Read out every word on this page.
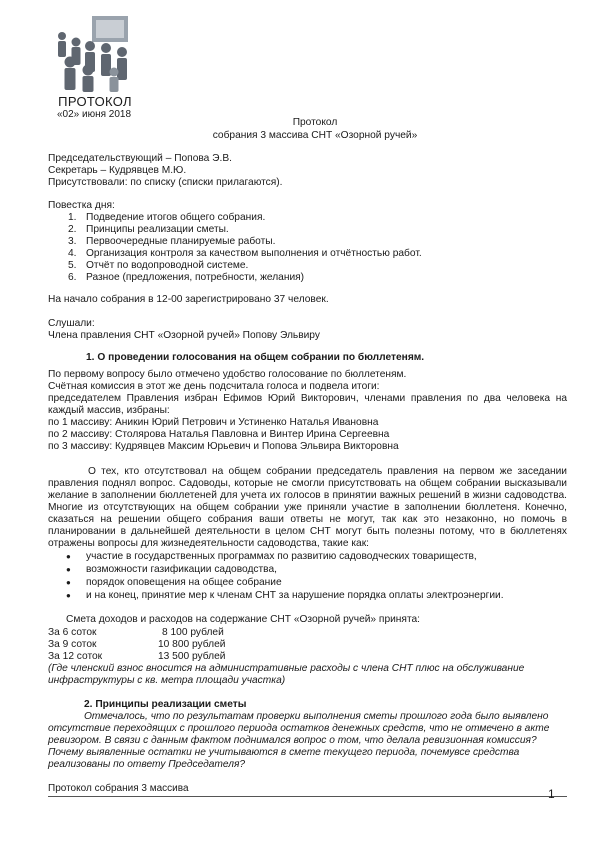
ПРОТОКОЛ
«02» июня 2018
Протокол
собрания 3 массива СНТ «Озорной ручей»
Председательствующий – Попова Э.В.
Секретарь – Кудрявцев М.Ю.
Присутствовали: по списку (списки прилагаются).
Повестка дня:
1. Подведение итогов общего собрания.
2. Принципы реализации сметы.
3. Первоочередные планируемые работы.
4. Организация контроля за качеством выполнения и отчётностью работ.
5. Отчёт по водопроводной системе.
6. Разное (предложения, потребности, желания)
На начало собрания в 12-00 зарегистрировано 37 человек.
Слушали:
Члена правления СНТ «Озорной ручей» Попову Эльвиру
1. О проведении голосования на общем собрании по бюллетеням.
По первому вопросу было отмечено удобство голосование по бюллетеням.
Счётная комиссия в этот же день подсчитала голоса и подвела итоги:
председателем Правления избран Ефимов Юрий Викторович, членами правления по два человека на
каждый массив, избраны:
по 1 массиву: Аникин Юрий Петрович и Устиненко Наталья Ивановна
по 2 массиву: Столярова Наталья Павловна и Винтер Ирина Сергеевна
по 3 массиву: Кудрявцев Максим Юрьевич и Попова Эльвира Викторовна
О тех, кто отсутствовал на общем собрании председатель правления на первом же заседании
правления поднял вопрос. Садоводы, которые не смогли присутствовать на общем собрании высказывали
желание в заполнении бюллетеней для учета их голосов в принятии важных решений в жизни садоводства.
Многие из отсутствующих на общем собрании уже приняли участие в заполнении бюллетеня. Конечно,
сказаться на решении общего собрания ваши ответы не могут, так как это незаконно, но помочь в
планировании в дальнейшей деятельности в целом СНТ могут быть полезны потому, что в бюллетенях
отражены вопросы для жизнедеятельности садоводства, такие как:
● участие в государственных программах по развитию садоводческих товариществ,
● возможности газификации садоводства,
● порядок оповещения на общее собрание
● и на конец, принятие мер к членам СНТ за нарушение порядка оплаты электроэнергии.
Смета доходов и расходов на содержание СНТ «Озорной ручей» принята:
За 6 соток	8 100 рублей
За 9 соток	10 800 рублей
За 12 соток	13 500 рублей
(Где членский взнос вносится на административные расходы с члена СНТ плюс на обслуживание
инфраструктуры с кв. метра площади участка)
2. Принципы реализации сметы
Отмечалось, что по результатам проверки выполнения сметы прошлого года было выявлено
отсутствие переходящих с прошлого периода остатков денежных средств, что не отмечено в акте
ревизором. В связи с данным фактом поднимался вопрос о том, что делала ревизионная комиссия?
Почему выявленные остатки не учитываются в смете текущего периода, почемувсе средства
реализованы по ответу Председателя?
Протокол собрания 3 массива	1
